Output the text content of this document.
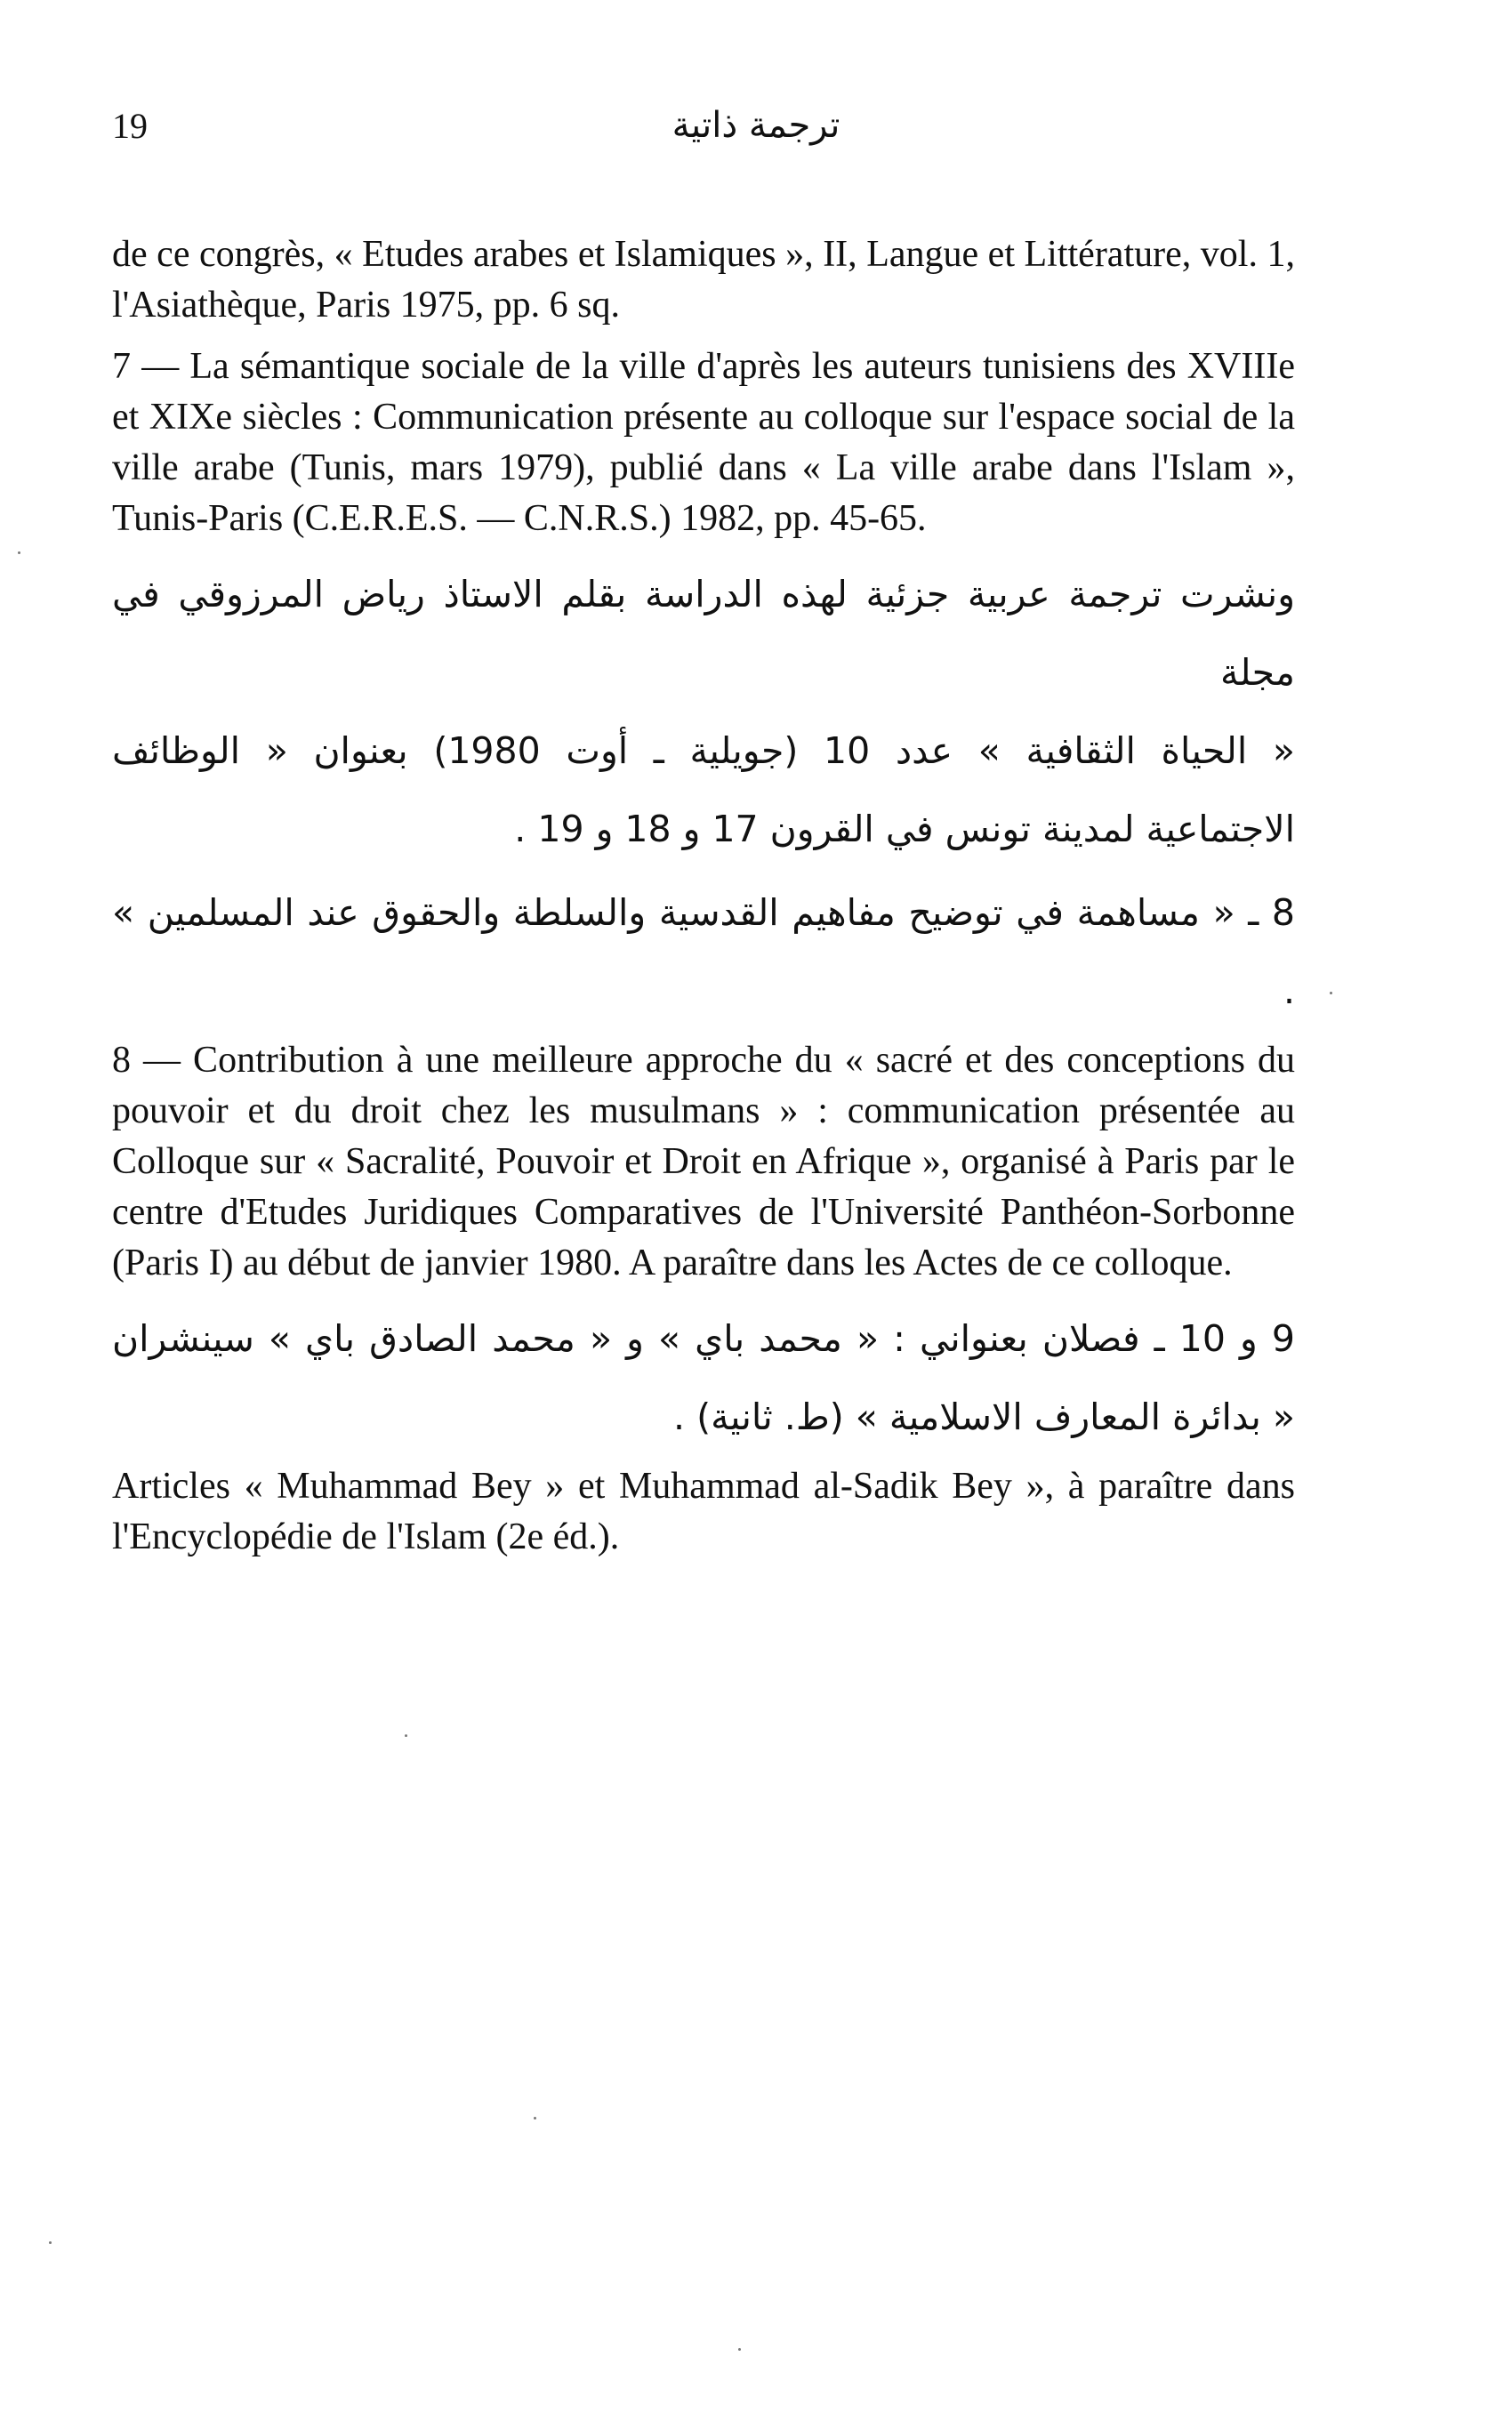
19	ترجمة ذاتية

de ce congrès, « Etudes arabes et Islamiques », II, Langue et Littérature, vol. 1, l'Asiathèque, Paris 1975, pp. 6 sq.

7 — La sémantique sociale de la ville d'après les auteurs tunisiens des XVIIIe et XIXe siècles : Communication présente au colloque sur l'espace social de la ville arabe (Tunis, mars 1979), publié dans « La ville arabe dans l'Islam », Tunis-Paris (C.E.R.E.S. — C.N.R.S.) 1982, pp. 45-65.

ونشرت ترجمة عربية جزئية لهذه الدراسة بقلم الاستاذ رياض المرزوقي في مجلة
« الحياة الثقافية » عدد 10 (جويلية ـ أوت 1980) بعنوان « الوظائف
الاجتماعية لمدينة تونس في القرون 17 و 18 و 19 .
8 ـ « مساهمة في توضيح مفاهيم القدسية والسلطة والحقوق عند المسلمين » .

8 — Contribution à une meilleure approche du « sacré et des conceptions du pouvoir et du droit chez les musulmans » : communication présentée au Colloque sur « Sacralité, Pouvoir et Droit en Afrique », organisé à Paris par le centre d'Etudes Juridiques Comparatives de l'Université Panthéon-Sorbonne (Paris I) au début de janvier 1980. A paraître dans les Actes de ce colloque.

9 و 10 ـ فصلان بعنواني : « محمد باي » و « محمد الصادق باي » سينشران
« بدائرة المعارف الاسلامية » (ط. ثانية) .

Articles « Muhammad Bey » et Muhammad al-Sadik Bey », à paraître dans l'Encyclopédie de l'Islam (2e éd.).
